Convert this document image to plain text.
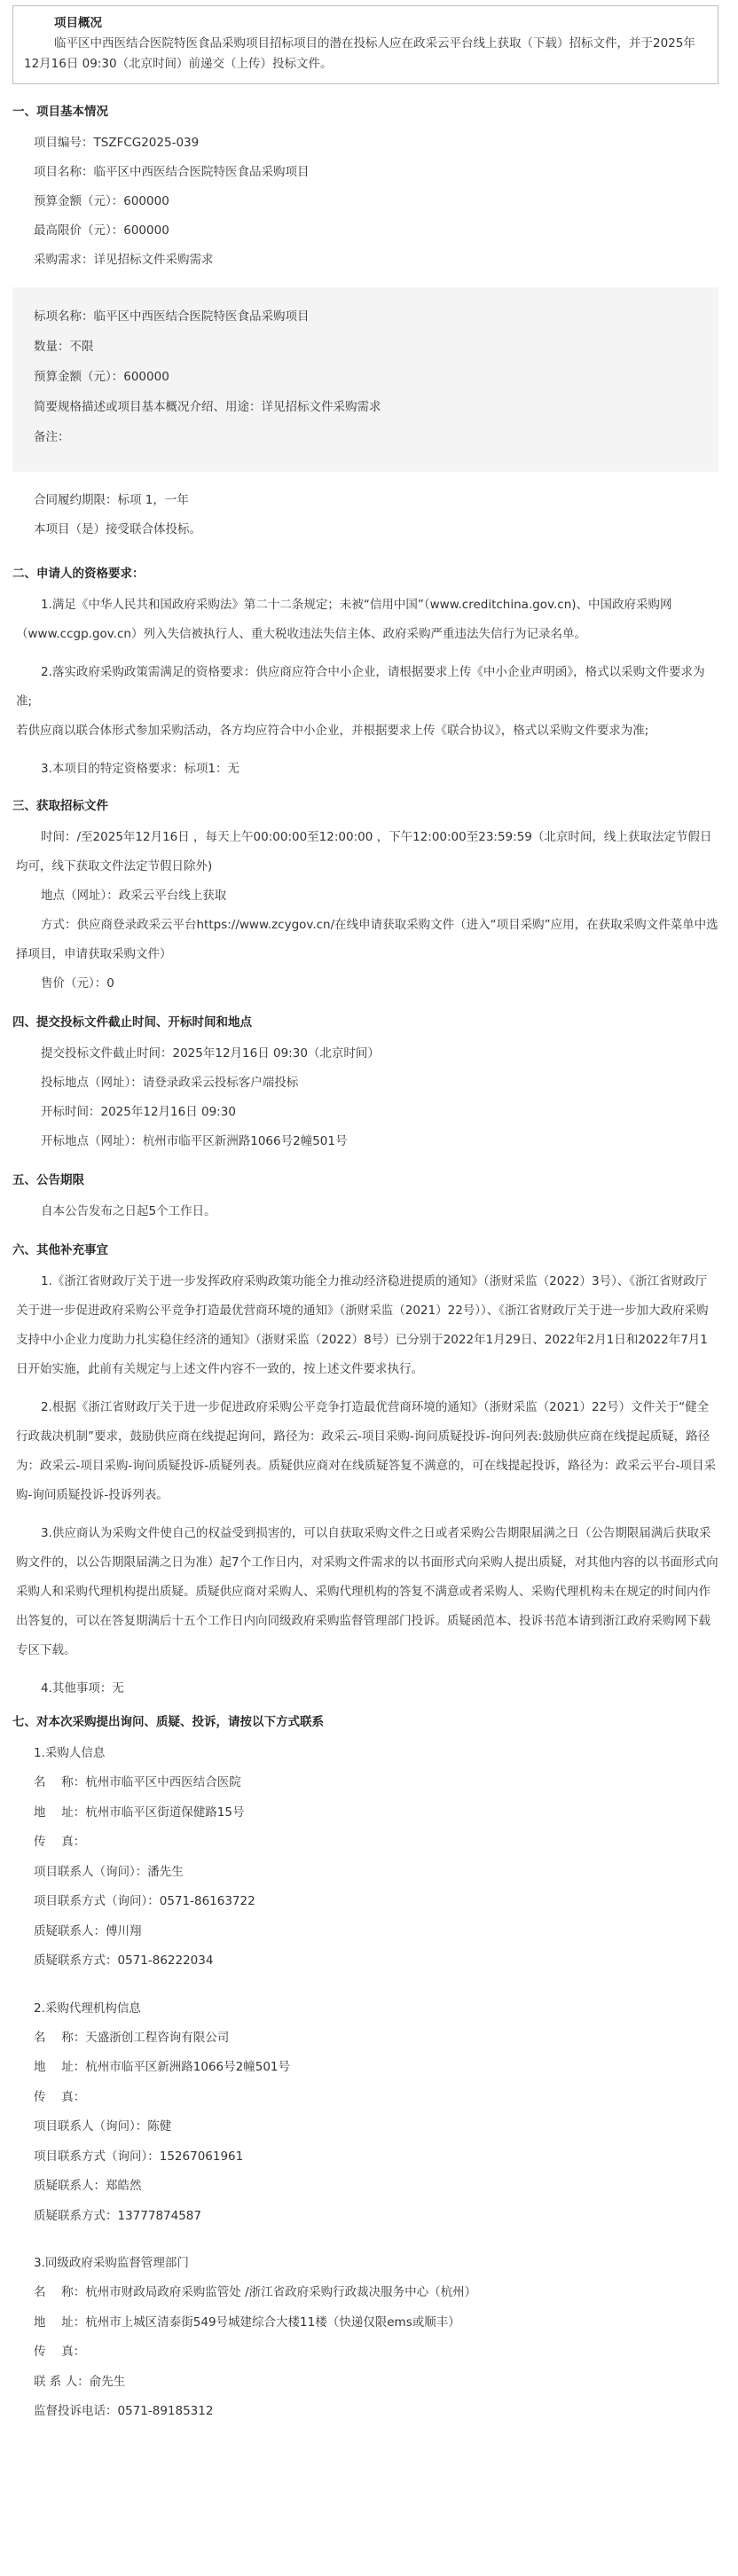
项目概况
临平区中西医结合医院特医食品采购项目招标项目的潜在投标人应在政采云平台线上获取（下载）招标文件，并于2025年12月16日 09:30（北京时间）前递交（上传）投标文件。
一、项目基本情况
项目编号：TSZFCG2025-039
项目名称：临平区中西医结合医院特医食品采购项目
预算金额（元）：600000
最高限价（元）：600000
采购需求：详见招标文件采购需求
标项名称：临平区中西医结合医院特医食品采购项目
数量：不限
预算金额（元）：600000
简要规格描述或项目基本概况介绍、用途：详见招标文件采购需求
备注：
合同履约期限：标项 1，一年
本项目（是）接受联合体投标。
二、申请人的资格要求：
1.满足《中华人民共和国政府采购法》第二十二条规定；未被“信用中国”（www.creditchina.gov.cn)、中国政府采购网（www.ccgp.gov.cn）列入失信被执行人、重大税收违法失信主体、政府采购严重违法失信行为记录名单。
2.落实政府采购政策需满足的资格要求：供应商应符合中小企业，请根据要求上传《中小企业声明函》，格式以采购文件要求为准;
若供应商以联合体形式参加采购活动，各方均应符合中小企业，并根据要求上传《联合协议》，格式以采购文件要求为准;
3.本项目的特定资格要求：标项1：无
三、获取招标文件
时间：/至2025年12月16日 ，每天上午00:00:00至12:00:00 ，下午12:00:00至23:59:59（北京时间，线上获取法定节假日均可，线下获取文件法定节假日除外)
地点（网址）：政采云平台线上获取
方式：供应商登录政采云平台https://www.zcygov.cn/在线申请获取采购文件（进入“项目采购”应用，在获取采购文件菜单中选择项目，申请获取采购文件）
售价（元）：0
四、提交投标文件截止时间、开标时间和地点
提交投标文件截止时间：2025年12月16日 09:30（北京时间）
投标地点（网址）：请登录政采云投标客户端投标
开标时间：2025年12月16日 09:30
开标地点（网址）：杭州市临平区新洲路1066号2幢501号
五、公告期限
自本公告发布之日起5个工作日。
六、其他补充事宜
1.《浙江省财政厅关于进一步发挥政府采购政策功能全力推动经济稳进提质的通知》（浙财采监（2022）3号）、《浙江省财政厅关于进一步促进政府采购公平竞争打造最优营商环境的通知》（浙财采监（2021）22号））、《浙江省财政厅关于进一步加大政府采购支持中小企业力度助力扎实稳住经济的通知》（浙财采监（2022）8号）已分别于2022年1月29日、2022年2月1日和2022年7月1日开始实施，此前有关规定与上述文件内容不一致的，按上述文件要求执行。
2.根据《浙江省财政厅关于进一步促进政府采购公平竞争打造最优营商环境的通知》（浙财采监（2021）22号）文件关于“健全行政裁决机制”要求，鼓励供应商在线提起询问，路径为：政采云-项目采购-询问质疑投诉-询问列表:鼓励供应商在线提起质疑，路径为：政采云-项目采购-询问质疑投诉-质疑列表。质疑供应商对在线质疑答复不满意的，可在线提起投诉，路径为：政采云平台-项目采购-询问质疑投诉-投诉列表。
3.供应商认为采购文件使自己的权益受到损害的，可以自获取采购文件之日或者采购公告期限届满之日（公告期限届满后获取采购文件的，以公告期限届满之日为准）起7个工作日内，对采购文件需求的以书面形式向采购人提出质疑，对其他内容的以书面形式向采购人和采购代理机构提出质疑。质疑供应商对采购人、采购代理机构的答复不满意或者采购人、采购代理机构未在规定的时间内作出答复的，可以在答复期满后十五个工作日内向同级政府采购监督管理部门投诉。质疑函范本、投诉书范本请到浙江政府采购网下载专区下载。
4.其他事项：无
七、对本次采购提出询问、质疑、投诉，请按以下方式联系
1.采购人信息
名　 称：杭州市临平区中西医结合医院
地　 址：杭州市临平区街道保健路15号
传　 真：
项目联系人（询问）：潘先生
项目联系方式（询问）：0571-86163722
质疑联系人：傅川翔
质疑联系方式：0571-86222034
2.采购代理机构信息
名　 称：天盛浙创工程咨询有限公司
地　 址：杭州市临平区新洲路1066号2幢501号
传　 真：
项目联系人（询问）：陈健
项目联系方式（询问）：15267061961
质疑联系人：郑皓然
质疑联系方式：13777874587
3.同级政府采购监督管理部门
名　 称：杭州市财政局政府采购监管处 /浙江省政府采购行政裁决服务中心（杭州）
地　 址：杭州市上城区清泰街549号城建综合大楼11楼（快递仅限ems或顺丰）
传　 真：
联 系 人：俞先生
监督投诉电话：0571-89185312
